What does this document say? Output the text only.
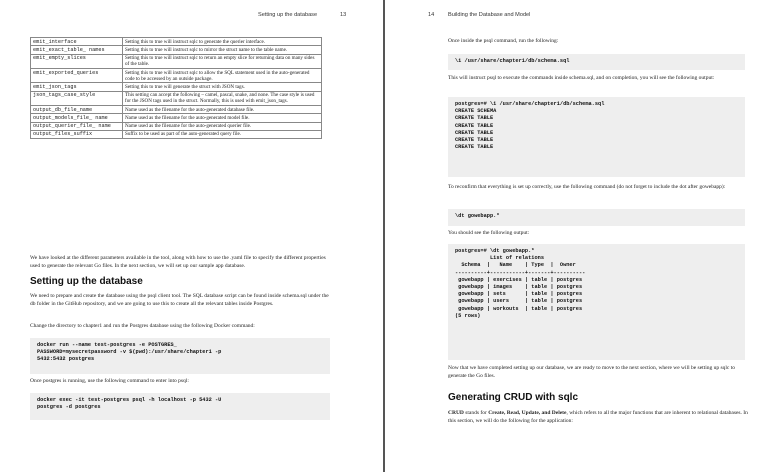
Setting up the database	13
emit_interface	Setting this to true will instruct sqlc to generate the querier interface.
emit_exact_table_ names	Setting this to true will instruct sqlc to mirror the struct name to the table name.
emit_empty_slices	Setting this to true will instruct sqlc to return an empty slice for returning data on many sides of the table.
emit_exported_queries	Setting this to true will instruct sqlc to allow the SQL statement used in the auto-generated code to be accessed by an outside package.
emit_json_tags	Setting this to true will generate the struct with JSON tags.
json_tags_case_style	This setting can accept the following – camel, pascal, snake, and none. The case style is used for the JSON tags used in the struct. Normally, this is used with emit_json_tags.
output_db_file_name	Name used as the filename for the auto-generated database file.
output_models_file_ name	Name used as the filename for the auto-generated model file.
output_querier_file_ name	Name used as the filename for the auto-generated querier file.
output_files_suffix	Suffix to be used as part of the auto-generated query file.
We have looked at the different parameters available in the tool, along with how to use the .yaml file to specify the different properties used to generate the relevant Go files. In the next section, we will set up our sample app database.
Setting up the database
We need to prepare and create the database using the psql client tool. The SQL database script can be found inside schema.sql under the db folder in the GitHub repository, and we are going to use this to create all the relevant tables inside Postgres.
Change the directory to chapter1 and run the Postgres database using the following Docker command:
docker run --name test-postgres -e POSTGRES_
PASSWORD=mysecretpassword -v $(pwd):/usr/share/chapter1 -p
5432:5432 postgres
Once postgres is running, use the following command to enter into psql:
docker exec -it test-postgres psql -h localhost -p 5432 -U
postgres -d postgres
14 Building the Database and Model
Once inside the psql command, run the following:
\i /usr/share/chapter1/db/schema.sql
This will instruct psql to execute the commands inside schema.sql, and on completion, you will see the following output:
postgres=# \i /usr/share/chapter1/db/schema.sql
CREATE SCHEMA
CREATE TABLE
CREATE TABLE
CREATE TABLE
CREATE TABLE
CREATE TABLE
To reconfirm that everything is set up correctly, use the following command (do not forget to include the dot after gowebapp):
\dt gowebapp.*
You should see the following output:
postgres=# \dt gowebapp.*
List of relations
Schema  |   Name    | Type  |  Owner
----------+-----------+-------+----------
gowebapp | exercises | table | postgres
gowebapp | images    | table | postgres
gowebapp | sets      | table | postgres
gowebapp | users     | table | postgres
gowebapp | workouts  | table | postgres
(5 rows)
Now that we have completed setting up our database, we are ready to move to the next section, where we will be setting up sqlc to generate the Go files.
Generating CRUD with sqlc
CRUD stands for Create, Read, Update, and Delete, which refers to all the major functions that are inherent to relational databases. In this section, we will do the following for the application:
